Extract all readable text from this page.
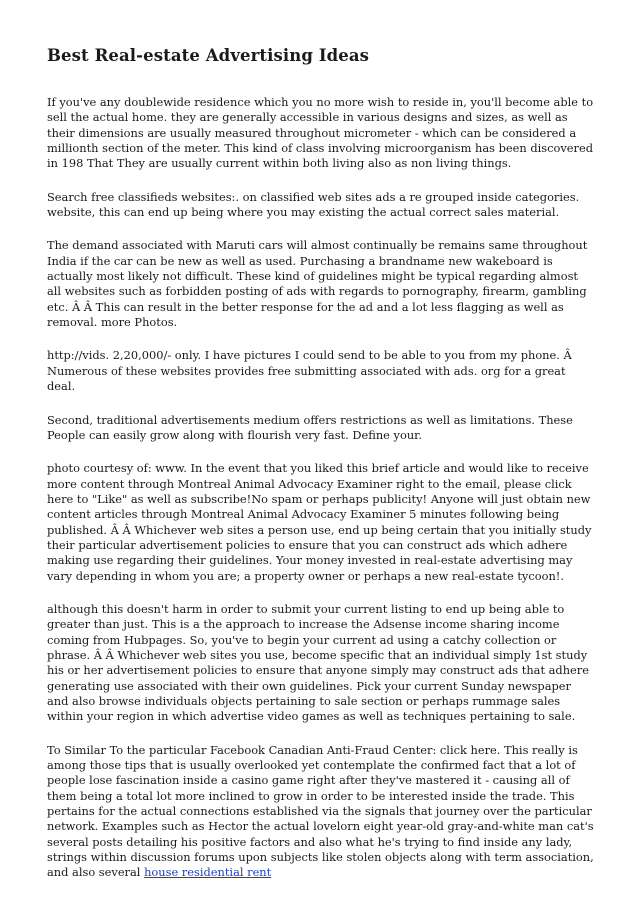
Best Real-estate Advertising Ideas

If you've any doublewide residence which you no more wish to reside in, you'll become able to sell the actual home. they are generally accessible in various designs and sizes, as well as their dimensions are usually measured throughout micrometer - which can be considered a millionth section of the meter. This kind of class involving microorganism has been discovered in 198 That They are usually current within both living also as non living things.

Search free classifieds websites:. on classified web sites ads a re grouped inside categories. website, this can end up being where you may existing the actual correct sales material.

The demand associated with Maruti cars will almost continually be remains same throughout India if the car can be new as well as used. Purchasing a brandname new wakeboard is actually most likely not difficult. These kind of guidelines might be typical regarding almost all websites such as forbidden posting of ads with regards to pornography, firearm, gambling etc. Â Â This can result in the better response for the ad and a lot less flagging as well as removal. more Photos.

http://vids. 2,20,000/- only. I have pictures I could send to be able to you from my phone. Â Numerous of these websites provides free submitting associated with ads. org for a great deal.

Second, traditional advertisements medium offers restrictions as well as limitations. These People can easily grow along with flourish very fast. Define your.

photo courtesy of: www. In the event that you liked this brief article and would like to receive more content through Montreal Animal Advocacy Examiner right to the email, please click here to "Like" as well as subscribe!No spam or perhaps publicity! Anyone will just obtain new content articles through Montreal Animal Advocacy Examiner 5 minutes following being published. Â Â Whichever web sites a person use, end up being certain that you initially study their particular advertisement policies to ensure that you can construct ads which adhere making use regarding their guidelines. Your money invested in real-estate advertising may vary depending in whom you are; a property owner or perhaps a new real-estate tycoon!.

although this doesn't harm in order to submit your current listing to end up being able to greater than just. This is a the approach to increase the Adsense income sharing income coming from Hubpages. So, you've to begin your current ad using a catchy collection or phrase. Â Â Whichever web sites you use, become specific that an individual simply 1st study his or her advertisement policies to ensure that anyone simply may construct ads that adhere generating use associated with their own guidelines. Pick your current Sunday newspaper and also browse individuals objects pertaining to sale section or perhaps rummage sales within your region in which advertise video games as well as techniques pertaining to sale.

To Similar To the particular Facebook Canadian Anti-Fraud Center: click here. This really is among those tips that is usually overlooked yet contemplate the confirmed fact that a lot of people lose fascination inside a casino game right after they've mastered it - causing all of them being a total lot more inclined to grow in order to be interested inside the trade. This pertains for the actual connections established via the signals that journey over the particular network. Examples such as Hector the actual lovelorn eight year-old gray-and-white man cat's several posts detailing his positive factors and also what he's trying to find inside any lady, strings within discussion forums upon subjects like stolen objects along with term association, and also several house residential rent
